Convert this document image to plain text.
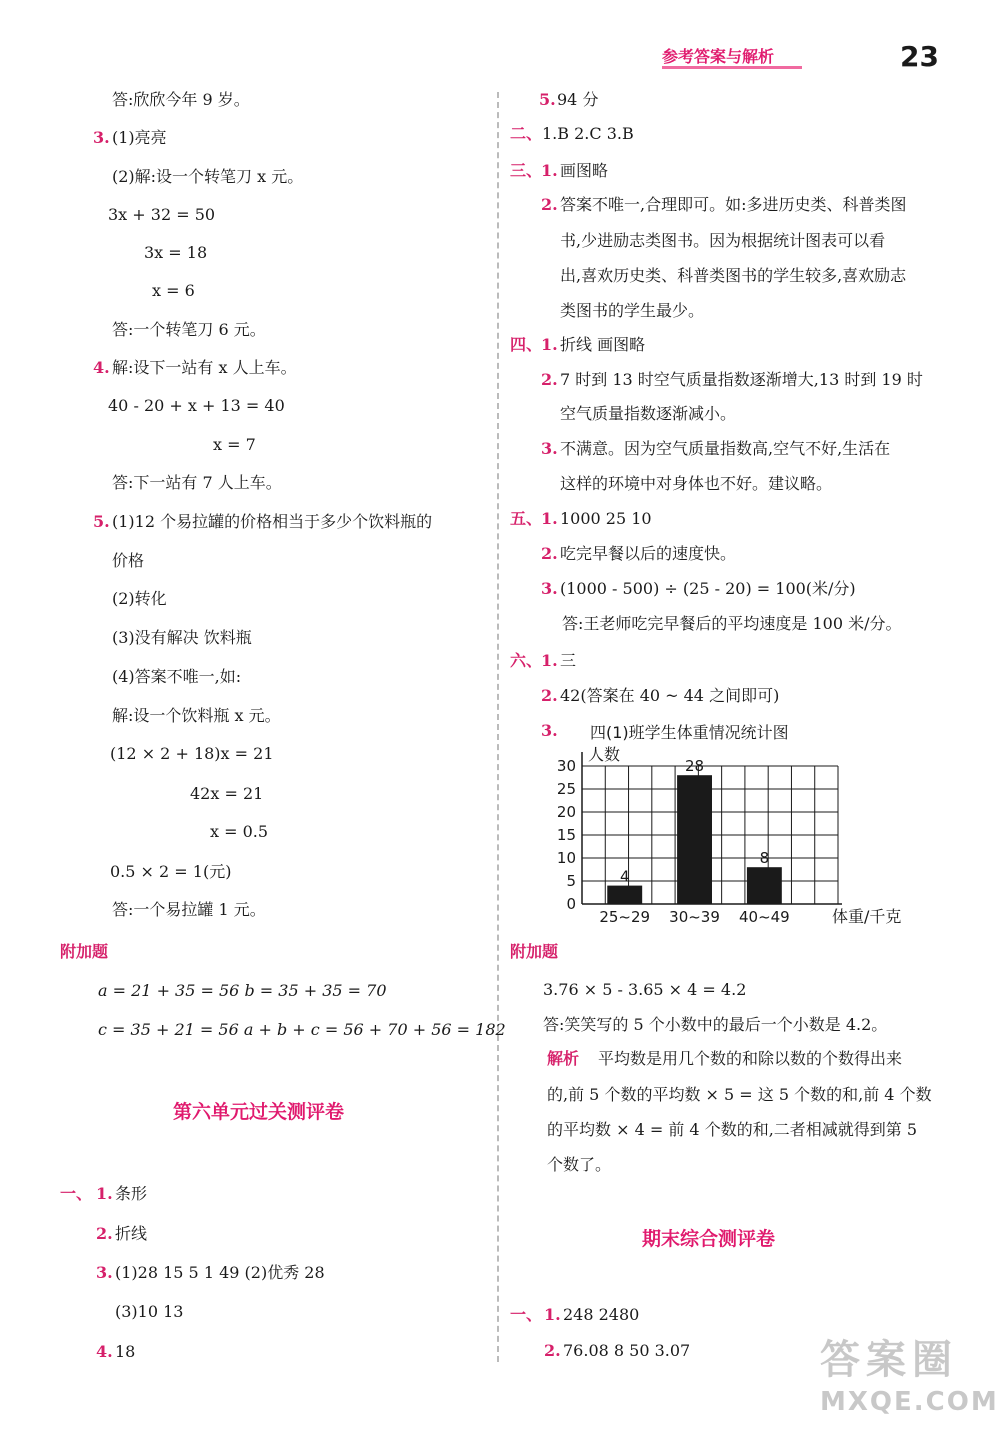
参考答案与解析	23
答:欣欣今年 9 岁。
3. (1)亮亮
(2)解:设一个转笔刀 x 元。
3x + 32 = 50
3x = 18
x = 6
答:一个转笔刀 6 元。
4. 解:设下一站有 x 人上车。
40 - 20 + x + 13 = 40
x = 7
答:下一站有 7 人上车。
5. (1)12 个易拉罐的价格相当于多少个饮料瓶的
价格
(2)转化
(3)没有解决 饮料瓶
(4)答案不唯一,如:
解:设一个饮料瓶 x 元。
(12 × 2 + 18)x = 21
42x = 21
x = 0.5
0.5 × 2 = 1(元)
答:一个易拉罐 1 元。
附加题
a = 21 + 35 = 56 b = 35 + 35 = 70
c = 35 + 21 = 56 a + b + c = 56 + 70 + 56 = 182
第六单元过关测评卷
一、 1. 条形
2. 折线
3. (1)28 15 5 1 49 (2)优秀 28
(3)10 13
4. 18
5. 94 分
二、 1.B 2.C 3.B
三、
1. 画图略
2. 答案不唯一,合理即可。如:多进历史类、科普类图
书,少进励志类图书。因为根据统计图表可以看
出,喜欢历史类、科普类图书的学生较多,喜欢励志
类图书的学生最少。
四、
1. 折线 画图略
2. 7 时到 13 时空气质量指数逐渐增大,13 时到 19 时
空气质量指数逐渐减小。
3. 不满意。因为空气质量指数高,空气不好,生活在
这样的环境中对身体也不好。建议略。
五、
1. 1000 25 10
2. 吃完早餐以后的速度快。
3. (1000 - 500) ÷ (25 - 20) = 100(米/分)
答:王老师吃完早餐后的平均速度是 100 米/分。
六、
1. 三
2. 42(答案在 40 ~ 44 之间即可)
3. 四(1)班学生体重情况统计图
人数
0
5
10
15
20
25
30
4
25~29
28
30~39
8
40~49	体重/千克
附加题
3.76 × 5 - 3.65 × 4 = 4.2
答:笑笑写的 5 个小数中的最后一个小数是 4.2。
解析 平均数是用几个数的和除以数的个数得出来
的,前 5 个数的平均数 × 5 = 这 5 个数的和,前 4 个数
的平均数 × 4 = 前 4 个数的和,二者相减就得到第 5
个数了。
期末综合测评卷
一、 1. 248 2480
2. 76.08 8 50 3.07	答案圈
MXQE.COM
